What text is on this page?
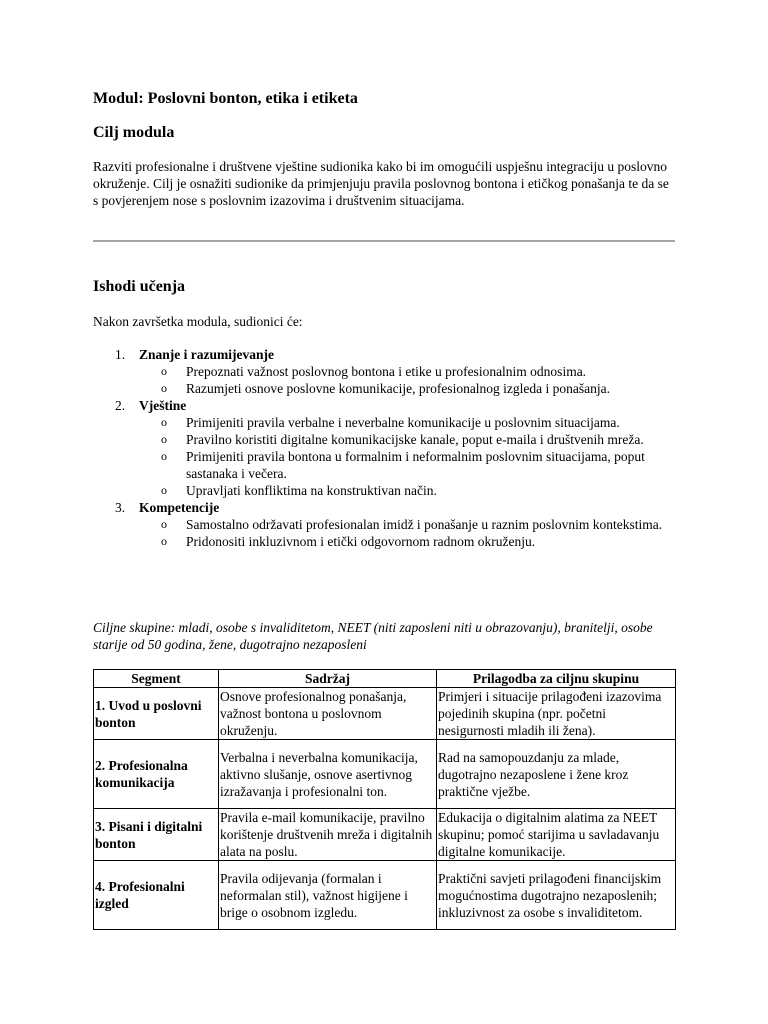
Modul: Poslovni bonton, etika i etiketa
Cilj modula

Razviti profesionalne i društvene vještine sudionika kako bi im omogućili uspješnu integraciju u poslovno okruženje. Cilj je osnažiti sudionike da primjenjuju pravila poslovnog bontona i etičkog ponašanja te da se s povjerenjem nose s poslovnim izazovima i društvenim situacijama.

Ishodi učenja

Nakon završetka modula, sudionici će:

1. Znanje i razumijevanje
o Prepoznati važnost poslovnog bontona i etike u profesionalnim odnosima.
o Razumjeti osnove poslovne komunikacije, profesionalnog izgleda i ponašanja.
2. Vještine
o Primijeniti pravila verbalne i neverbalne komunikacije u poslovnim situacijama.
o Pravilno koristiti digitalne komunikacijske kanale, poput e-maila i društvenih mreža.
o Primijeniti pravila bontona u formalnim i neformalnim poslovnim situacijama, poput sastanaka i večera.
o Upravljati konfliktima na konstruktivan način.
3. Kompetencije
o Samostalno održavati profesionalan imidž i ponašanje u raznim poslovnim kontekstima.
o Pridonositi inkluzivnom i etički odgovornom radnom okruženju.

Ciljne skupine: mladi, osobe s invaliditetom, NEET (niti zaposleni niti u obrazovanju), branitelji, osobe starije od 50 godina, žene, dugotrajno nezaposleni

Segment	Sadržaj	Prilagodba za ciljnu skupinu
1. Uvod u poslovni bonton	Osnove profesionalnog ponašanja, važnost bontona u poslovnom okruženju.	Primjeri i situacije prilagođeni izazovima pojedinih skupina (npr. početni nesigurnosti mladih ili žena).
2. Profesionalna komunikacija	Verbalna i neverbalna komunikacija, aktivno slušanje, osnove asertivnog izražavanja i profesionalni ton.	Rad na samopouzdanju za mlade, dugotrajno nezaposlene i žene kroz praktične vježbe.
3. Pisani i digitalni bonton	Pravila e-mail komunikacije, pravilno korištenje društvenih mreža i digitalnih alata na poslu.	Edukacija o digitalnim alatima za NEET skupinu; pomoć starijima u savladavanju digitalne komunikacije.
4. Profesionalni izgled	Pravila odijevanja (formalan i neformalan stil), važnost higijene i brige o osobnom izgledu.	Praktični savjeti prilagođeni financijskim mogućnostima dugotrajno nezaposlenih; inkluzivnost za osobe s invaliditetom.
